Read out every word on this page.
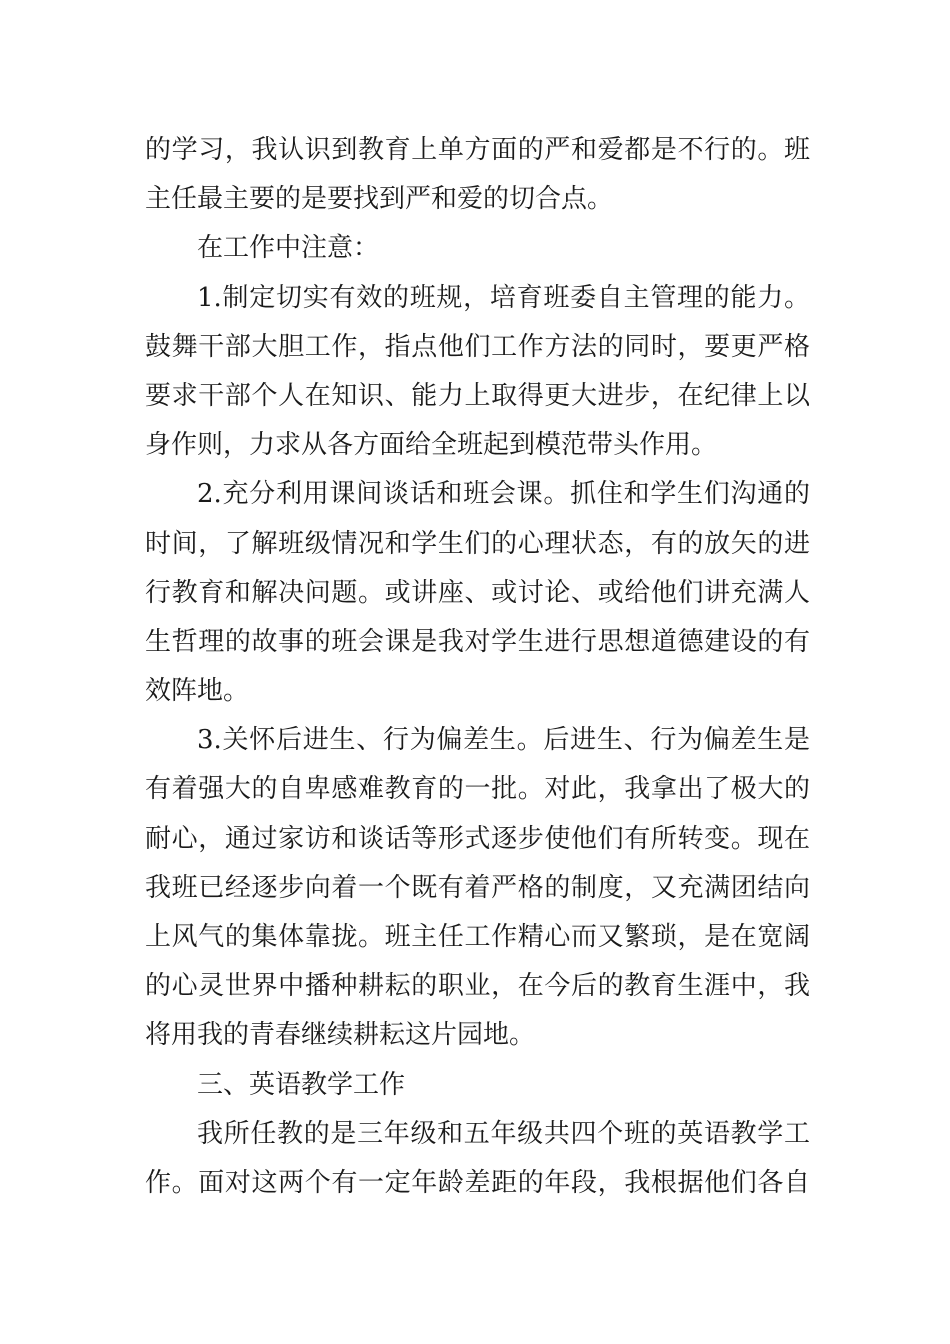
的学习，我认识到教育上单方面的严和爱都是不行的。班
主任最主要的是要找到严和爱的切合点。
在工作中注意：
1.制定切实有效的班规，培育班委自主管理的能力。
鼓舞干部大胆工作，指点他们工作方法的同时，要更严格
要求干部个人在知识、能力上取得更大进步，在纪律上以
身作则，力求从各方面给全班起到模范带头作用。
2.充分利用课间谈话和班会课。抓住和学生们沟通的
时间，了解班级情况和学生们的心理状态，有的放矢的进
行教育和解决问题。或讲座、或讨论、或给他们讲充满人
生哲理的故事的班会课是我对学生进行思想道德建设的有
效阵地。
3.关怀后进生、行为偏差生。后进生、行为偏差生是
有着强大的自卑感难教育的一批。对此，我拿出了极大的
耐心，通过家访和谈话等形式逐步使他们有所转变。现在
我班已经逐步向着一个既有着严格的制度，又充满团结向
上风气的集体靠拢。班主任工作精心而又繁琐，是在宽阔
的心灵世界中播种耕耘的职业，在今后的教育生涯中，我
将用我的青春继续耕耘这片园地。
三、英语教学工作
我所任教的是三年级和五年级共四个班的英语教学工
作。面对这两个有一定年龄差距的年段，我根据他们各自
